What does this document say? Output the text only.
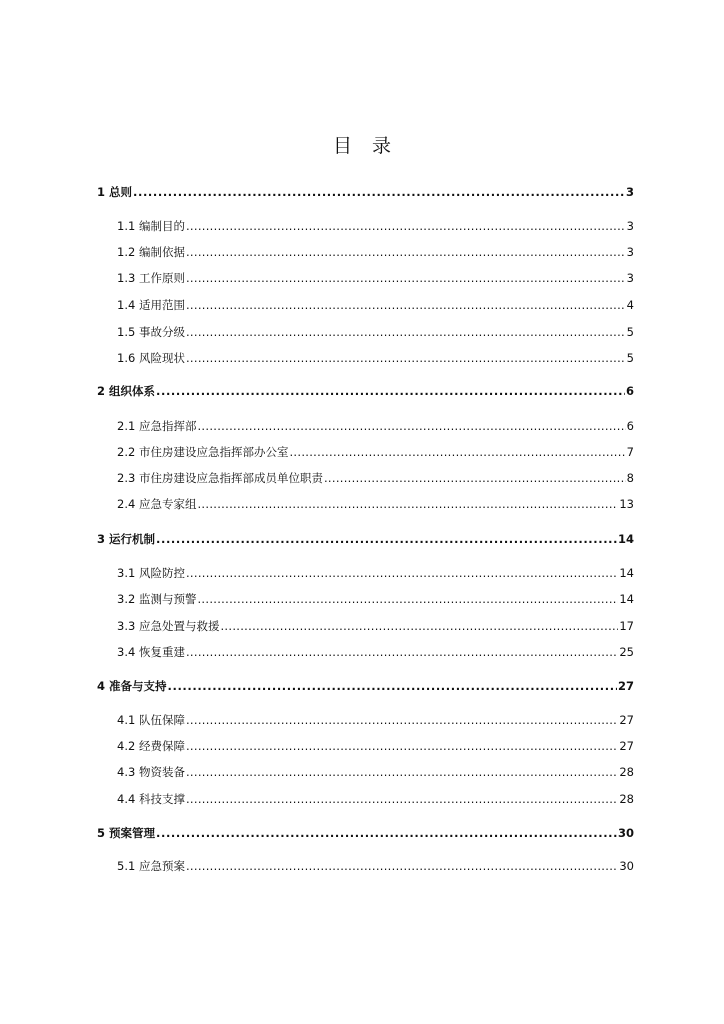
目 录
1 总则 .....	3
1.1 编制目的 .....	3
1.2 编制依据 .....	3
1.3 工作原则 .....	3
1.4 适用范围 .....	4
1.5 事故分级 .....	5
1.6 风险现状 .....	5
2 组织体系 .....	6
2.1 应急指挥部 .....	6
2.2 市住房建设应急指挥部办公室 .....	7
2.3 市住房建设应急指挥部成员单位职责 .....	8
2.4 应急专家组 .....	13
3 运行机制 .....	14
3.1 风险防控 .....	14
3.2 监测与预警 .....	14
3.3 应急处置与救援 .....	17
3.4 恢复重建 .....	25
4 准备与支持 .....	27
4.1 队伍保障 .....	27
4.2 经费保障 .....	27
4.3 物资装备 .....	28
4.4 科技支撑 .....	28
5 预案管理 .....	30
5.1 应急预案 .....	30
